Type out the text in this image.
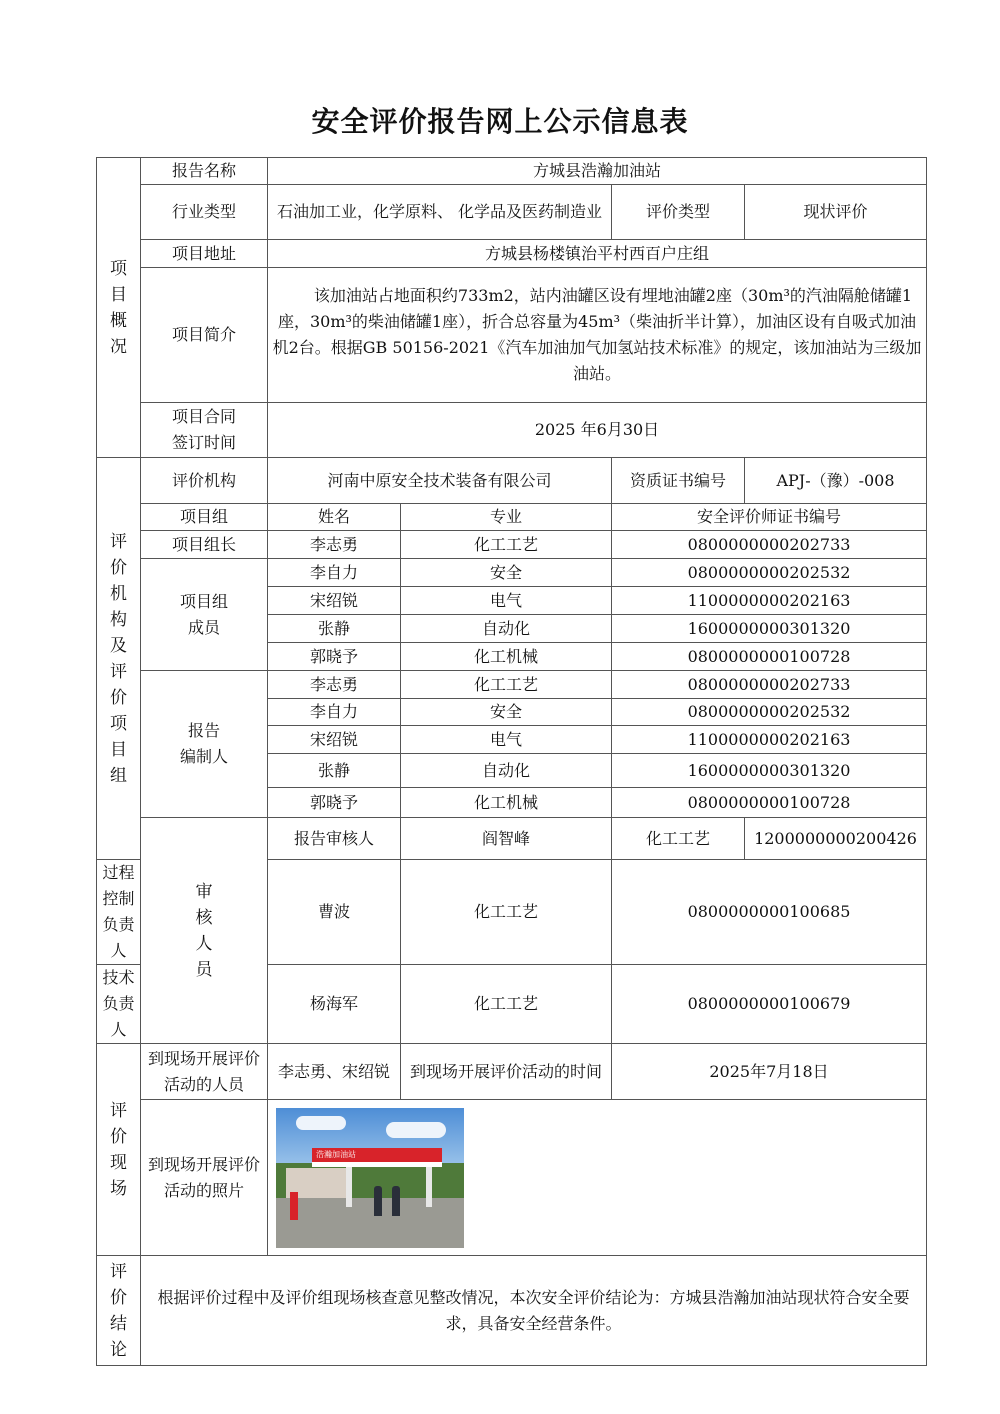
安全评价报告网上公示信息表
项目概况	报告名称	方城县浩瀚加油站			
	行业类型	石油加工业，化学原料、 化学品及医药制造业		评价类型	现状评价
	项目地址	方城县杨楼镇治平村西百户庄组			
	项目简介	该加油站占地面积约733m2，站内油罐区设有埋地油罐2座（30m³的汽油隔舱储罐1座，30m³的柴油储罐1座），折合总容量为45m³（柴油折半计算），加油区设有自吸式加油机2台。根据GB 50156-2021《汽车加油加气加氢站技术标准》的规定，该加油站为三级加油站。			

	项目合同
签订时间	2025 年6月30日			

评价机构及评价项目组	评价机构	河南中原安全技术装备有限公司		资质证书编号	APJ-（豫）-008
	项目组	姓名	专业	安全评价师证书编号	
	项目组长	李志勇	化工工艺	0800000000202733	

	项目组
成员	李自力	安全	0800000000202532	
		宋绍锐	电气	1100000000202163	
		张静	自动化	1600000000301320	
		郭晓予	化工机械	0800000000100728	

	报告
编制人	李志勇	化工工艺	0800000000202733	
		李自力	安全	0800000000202532	
		宋绍锐	电气	1100000000202163	
		张静	自动化	1600000000301320	
		郭晓予	化工机械	0800000000100728	

	审核人员	报告审核人	阎智峰	化工工艺	1200000000200426

过程控制
负责人		曹波	化工工艺	0800000000100685	
技术负责人		杨海军	化工工艺	0800000000100679	

评价现场	到现场开展评价活动的人员	李志勇、宋绍锐	到现场开展评价活动的时间	2025年7月18日	
	到现场开展评价活动的照片	浩瀚加油站			

评价结论	根据评价过程中及评价组现场核查意见整改情况，本次安全评价结论为：方城县浩瀚加油站现状符合安全要求，具备安全经营条件。				
